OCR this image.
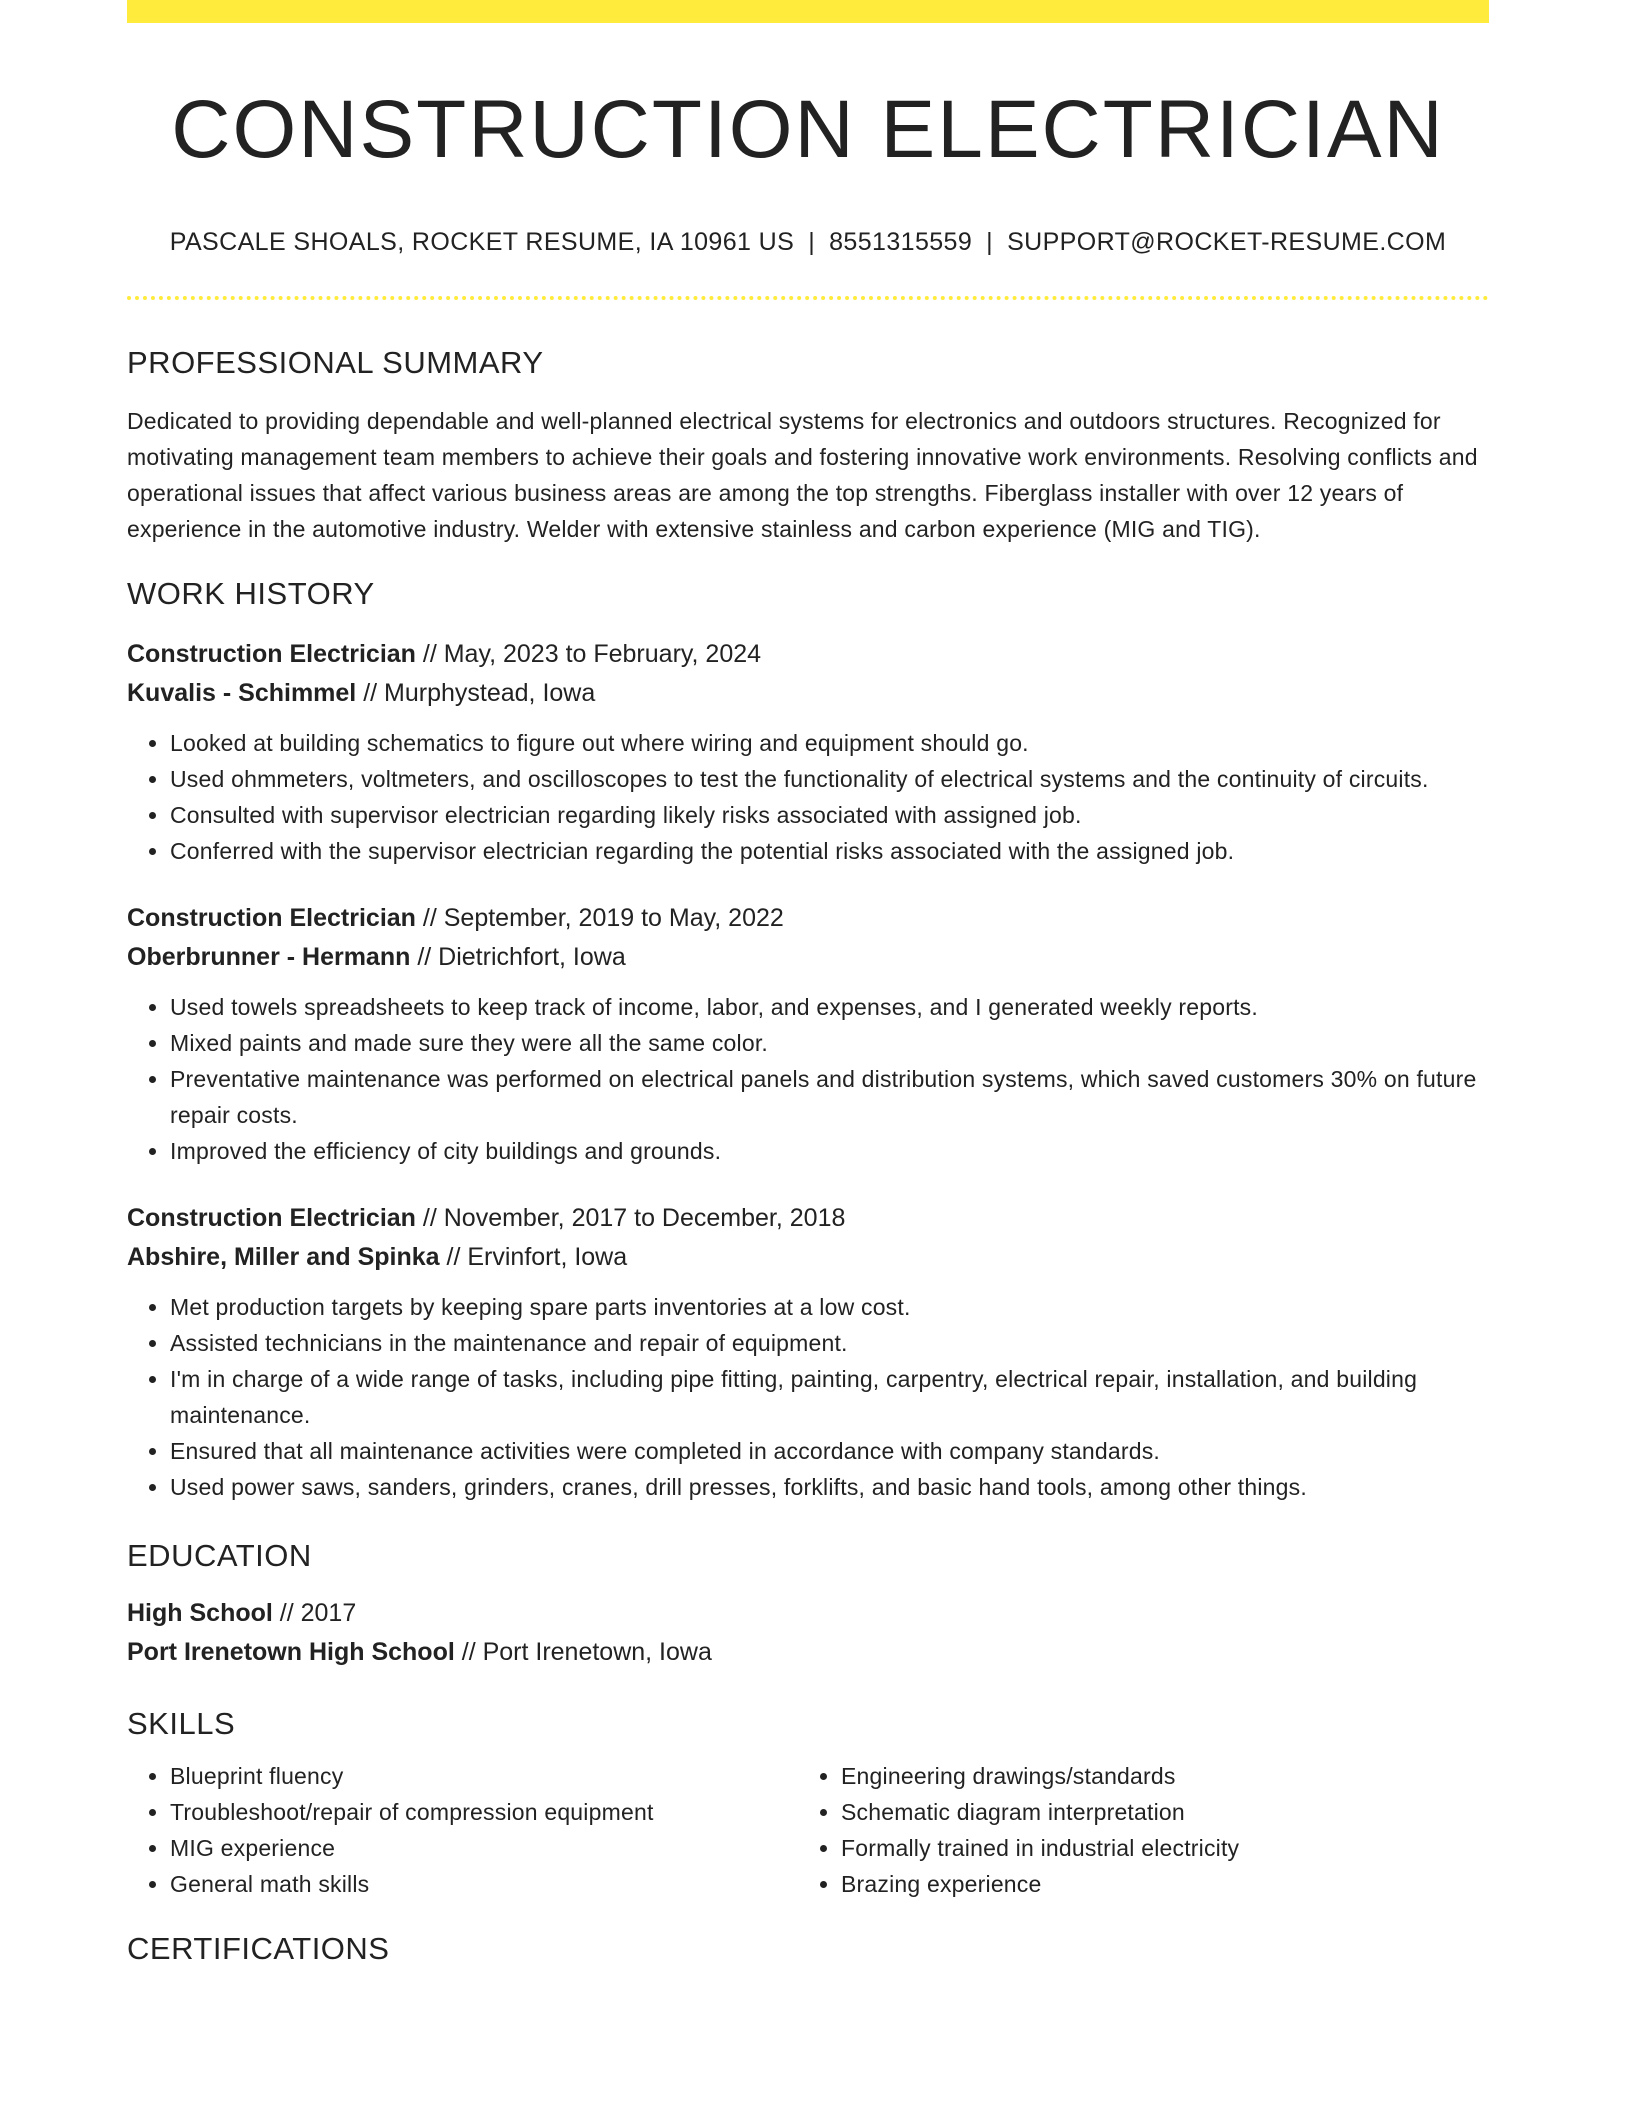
CONSTRUCTION ELECTRICIAN
PASCALE SHOALS, ROCKET RESUME, IA 10961 US | 8551315559 | SUPPORT@ROCKET-RESUME.COM
PROFESSIONAL SUMMARY

Dedicated to providing dependable and well-planned electrical systems for electronics and outdoors structures. Recognized for motivating management team members to achieve their goals and fostering innovative work environments. Resolving conflicts and operational issues that affect various business areas are among the top strengths. Fiberglass installer with over 12 years of experience in the automotive industry. Welder with extensive stainless and carbon experience (MIG and TIG).

WORK HISTORY
Construction Electrician // May, 2023 to February, 2024
Kuvalis - Schimmel // Murphystead, Iowa
• Looked at building schematics to figure out where wiring and equipment should go.
• Used ohmmeters, voltmeters, and oscilloscopes to test the functionality of electrical systems and the continuity of circuits.
• Consulted with supervisor electrician regarding likely risks associated with assigned job.
• Conferred with the supervisor electrician regarding the potential risks associated with the assigned job.
Construction Electrician // September, 2019 to May, 2022
Oberbrunner - Hermann // Dietrichfort, Iowa
• Used towels spreadsheets to keep track of income, labor, and expenses, and I generated weekly reports.
• Mixed paints and made sure they were all the same color.
• Preventative maintenance was performed on electrical panels and distribution systems, which saved customers 30% on future repair costs.
• Improved the efficiency of city buildings and grounds.
Construction Electrician // November, 2017 to December, 2018
Abshire, Miller and Spinka // Ervinfort, Iowa
• Met production targets by keeping spare parts inventories at a low cost.
• Assisted technicians in the maintenance and repair of equipment.
• I'm in charge of a wide range of tasks, including pipe fitting, painting, carpentry, electrical repair, installation, and building maintenance.
• Ensured that all maintenance activities were completed in accordance with company standards.
• Used power saws, sanders, grinders, cranes, drill presses, forklifts, and basic hand tools, among other things.
EDUCATION
High School // 2017
Port Irenetown High School // Port Irenetown, Iowa
SKILLS
• Blueprint fluency
• Troubleshoot/repair of compression equipment
• MIG experience
• General math skills
• Engineering drawings/standards
• Schematic diagram interpretation
• Formally trained in industrial electricity
• Brazing experience
CERTIFICATIONS
